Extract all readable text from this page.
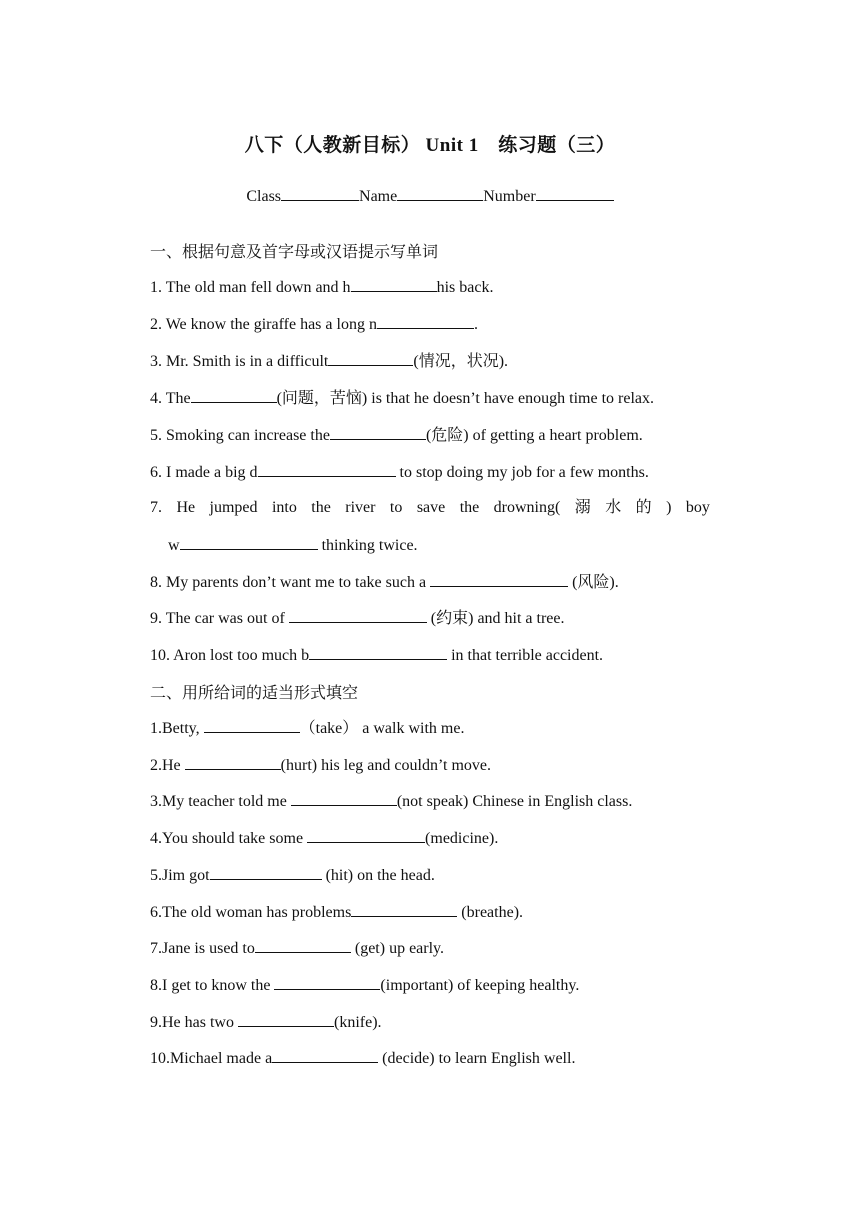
八下（人教新目标） Unit 1　练习题（三）
Class	Name	Number
一、根据句意及首字母或汉语提示写单词
1. The old man fell down and h	his back.
2. We know the giraffe has a long n	.
3. Mr. Smith is in a difficult	(情况，状况).
4. The	(问题，苦恼) is that he doesn’t have enough time to relax.
5. Smoking can increase the	(危险) of getting a heart problem.
6. I made a big d	to stop doing my job for a few months.
7. He jumped into the river to save the drowning( 溺 水 的 ) boy
w	thinking twice.
8. My parents don’t want me to take such a	(风险).
9. The car was out of	(约束) and hit a tree.
10. Aron lost too much b	in that terrible accident.
二、用所给词的适当形式填空
1.Betty,	（take） a walk with me.
2.He	(hurt) his leg and couldn’t move.
3.My teacher told me	(not speak) Chinese in English class.
4.You should take some	(medicine).
5.Jim got	(hit) on the head.
6.The old woman has problems	(breathe).
7.Jane is used to	(get) up early.
8.I get to know the	(important) of keeping healthy.
9.He has two	(knife).
10.Michael made a	(decide) to learn English well.
